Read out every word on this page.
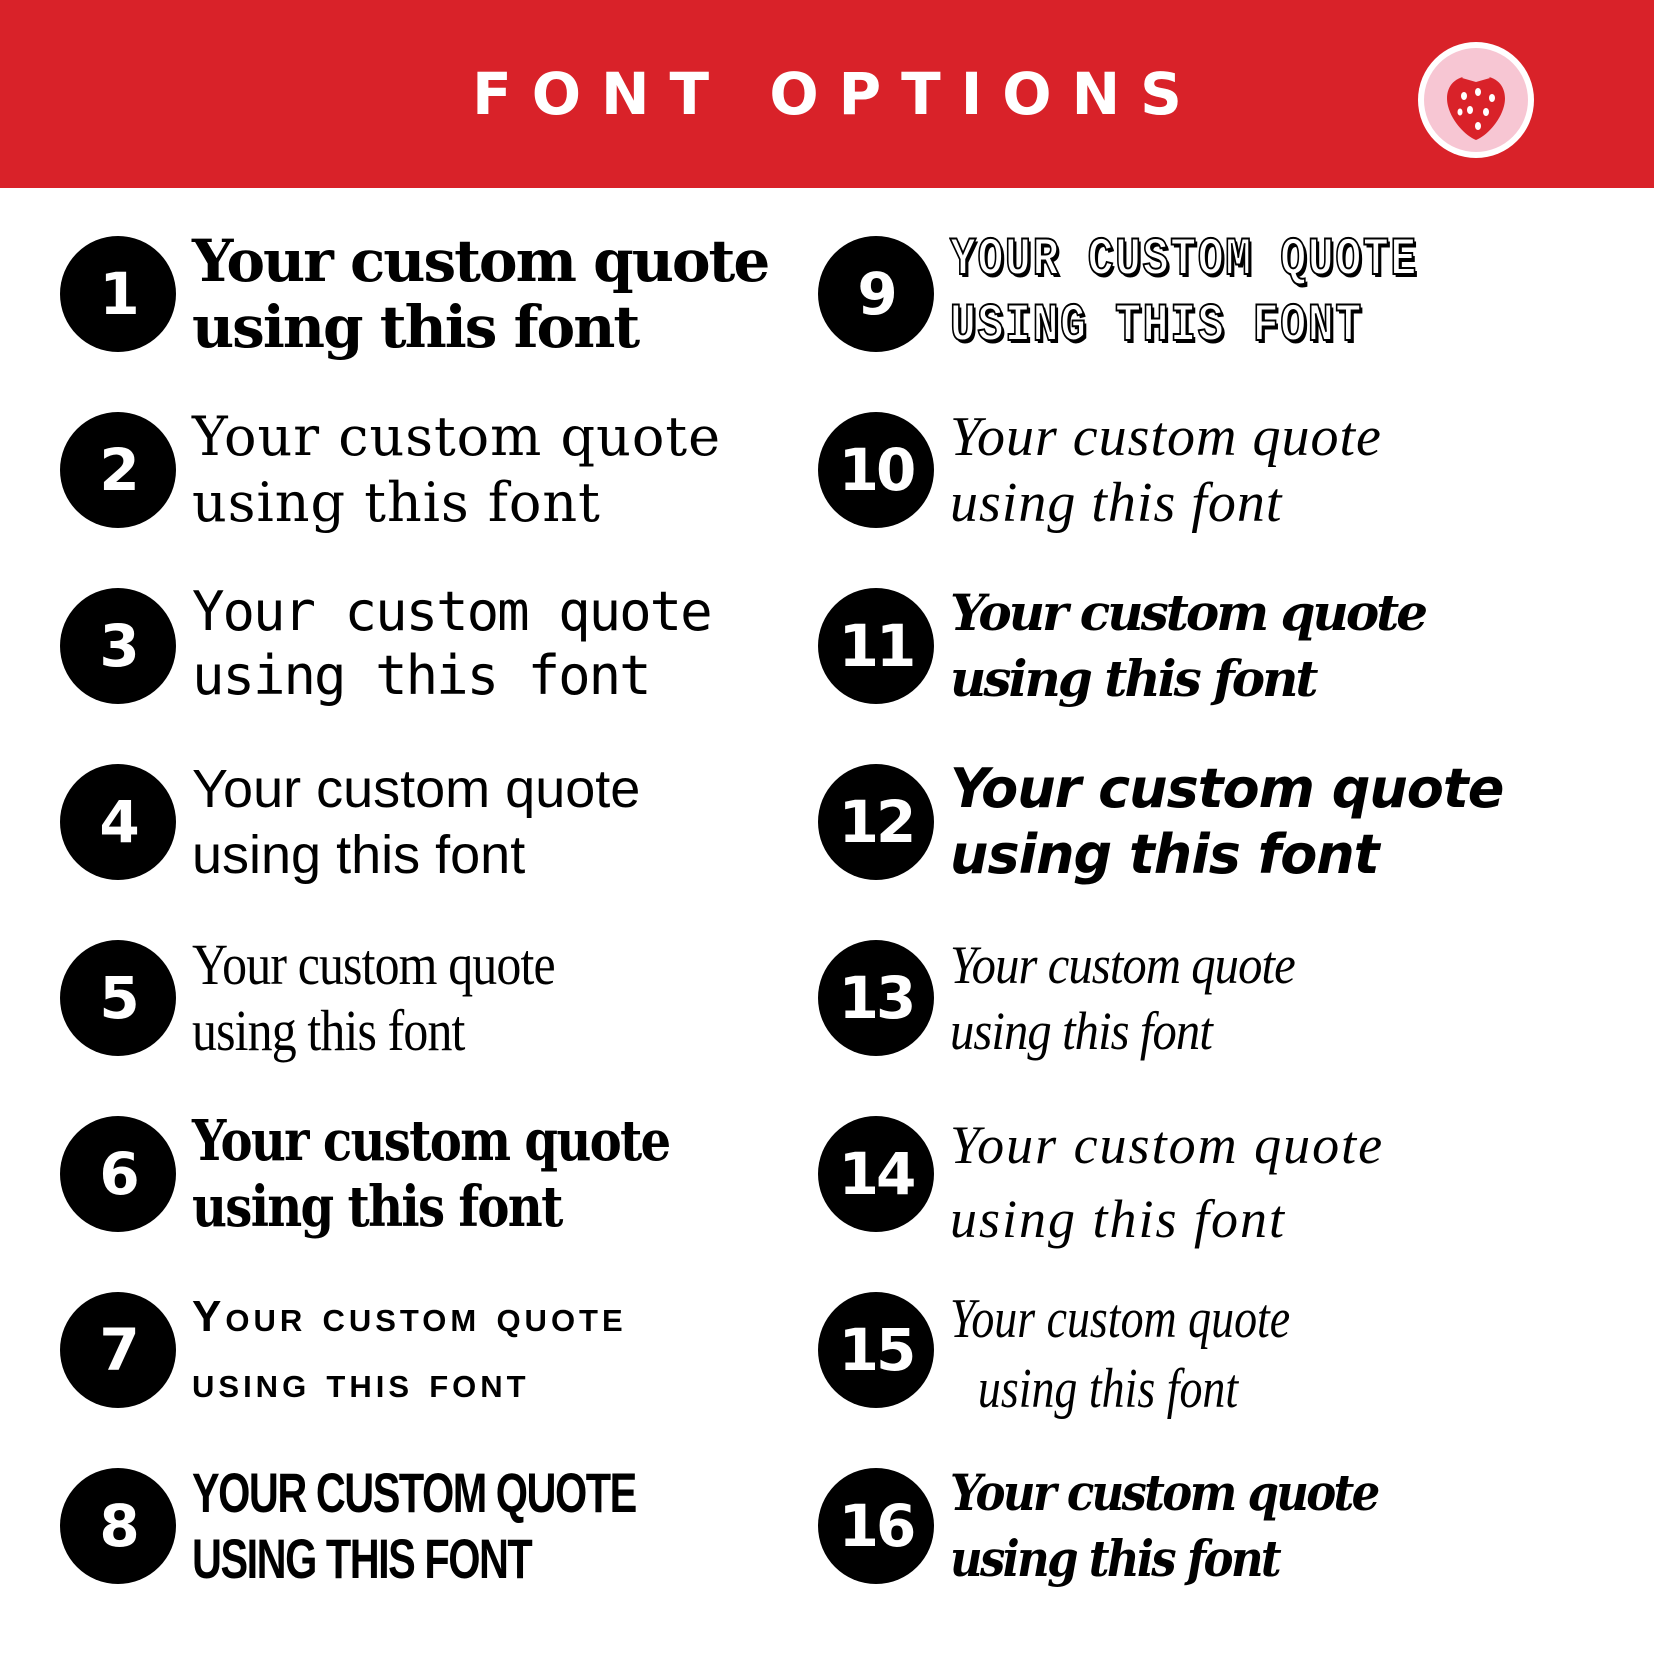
FONT OPTIONS
1 Your custom quote
using this font
2	Your custom quote
using this font
3
Your custom quote
using this font
4	Your custom quote
using this font
5 Your custom quote
using this font
6 Your custom quote
using this font
7	Your custom quote
using this font
8 YOUR CUSTOM QUOTE
USING THIS FONT
9	YOUR CUSTOM QUOTE
USING THIS FONT
10 Your custom quote
using this font
11 Your custom quote
using this font
12 Your custom quote
using this font
13 Your custom quote
using this font
14 Your custom quote
using this font
15 Your custom quote
using this font
16 Your custom quote
using this font
